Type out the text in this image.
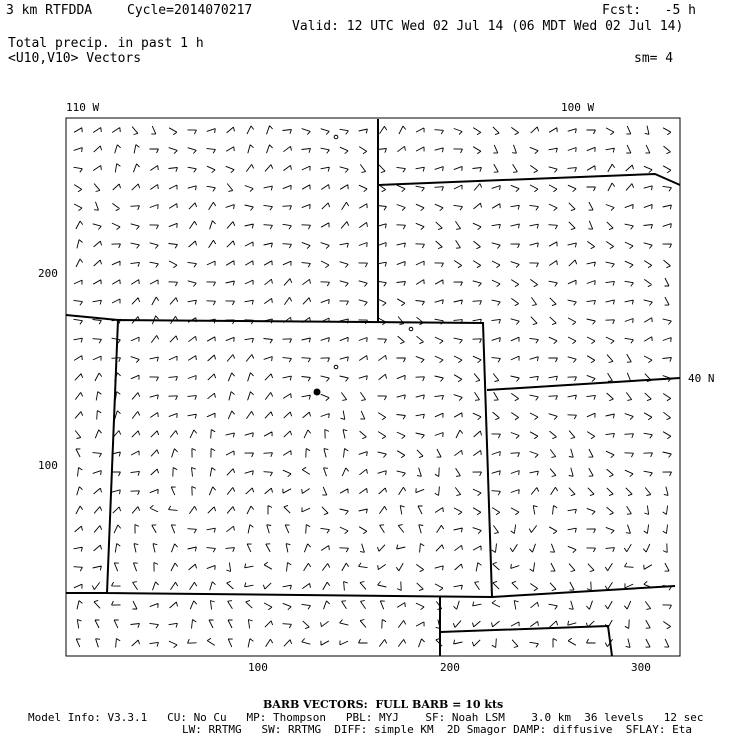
3 km RTFDDA	Cycle=2014070217	Fcst:   -5 h
Valid: 12 UTC Wed 02 Jul 14 (06 MDT Wed 02 Jul 14)
Total precip. in past 1 h
<U10,V10> Vectors	sm= 4
110 W	100 W
40 N
200
100
100	200	300
BARB VECTORS:  FULL BARB = 10 kts
Model Info: V3.3.1   CU: No Cu   MP: Thompson   PBL: MYJ    SF: Noah LSM    3.0 km  36 levels   12 sec
LW: RRTMG   SW: RRTMG  DIFF: simple KM  2D Smagor DAMP: diffusive  SFLAY: Eta
